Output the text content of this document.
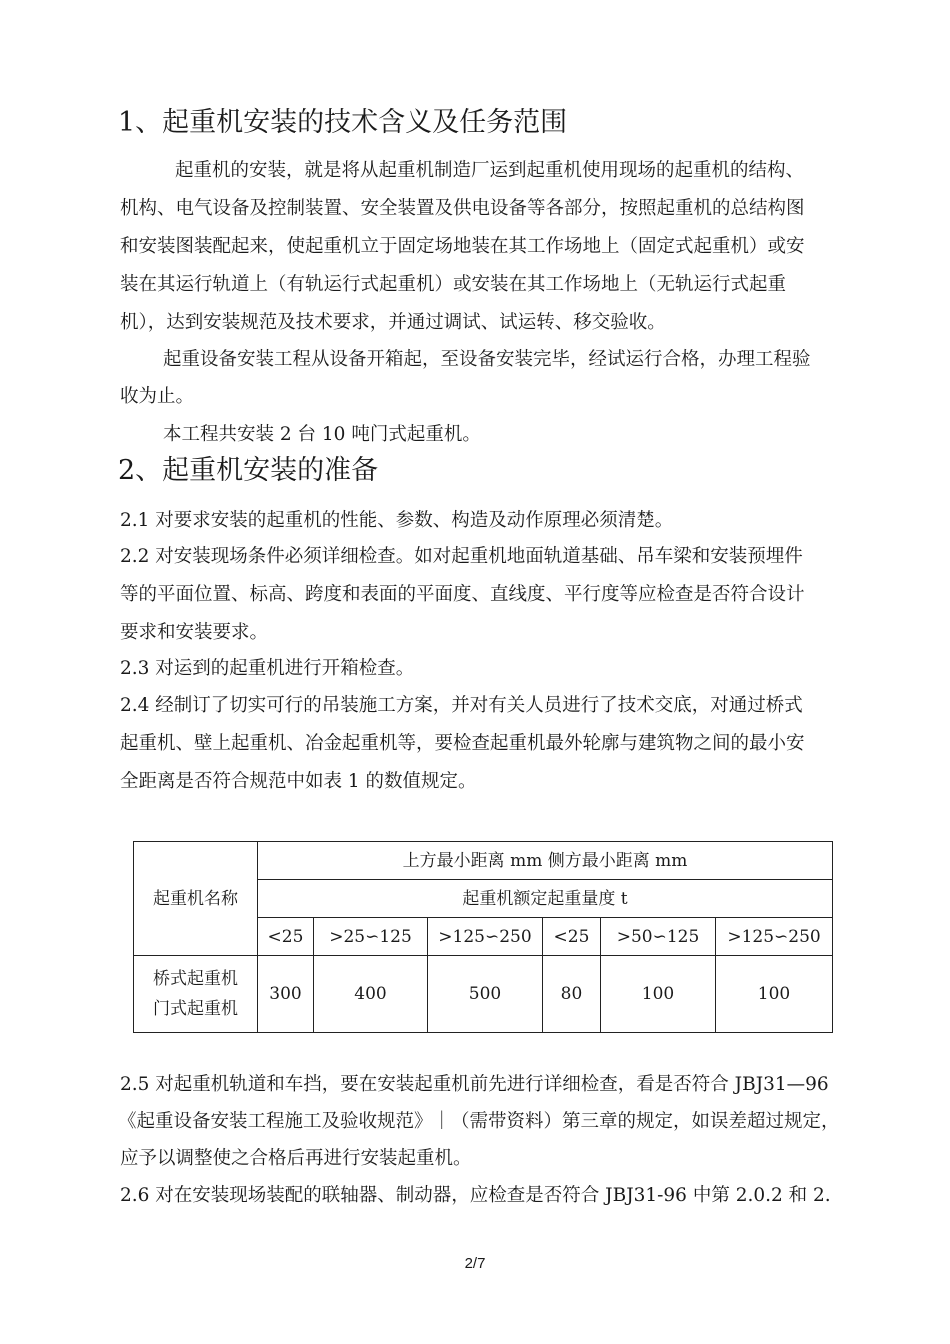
1、起重机安装的技术含义及任务范围
起重机的安装，就是将从起重机制造厂运到起重机使用现场的起重机的结构、
机构、电气设备及控制装置、安全装置及供电设备等各部分，按照起重机的总结构图
和安装图装配起来，使起重机立于固定场地装在其工作场地上（固定式起重机）或安
装在其运行轨道上（有轨运行式起重机）或安装在其工作场地上（无轨运行式起重
机），达到安装规范及技术要求，并通过调试、试运转、移交验收。
起重设备安装工程从设备开箱起，至设备安装完毕，经试运行合格，办理工程验
收为止。
本工程共安装 2 台 10 吨门式起重机。
2、起重机安装的准备
2.1 对要求安装的起重机的性能、参数、构造及动作原理必须清楚。
2.2 对安装现场条件必须详细检查。如对起重机地面轨道基础、吊车梁和安装预埋件
等的平面位置、标高、跨度和表面的平面度、直线度、平行度等应检查是否符合设计
要求和安装要求。
2.3 对运到的起重机进行开箱检查。
2.4 经制订了切实可行的吊装施工方案，并对有关人员进行了技术交底，对通过桥式
起重机、壁上起重机、冶金起重机等，要检查起重机最外轮廓与建筑物之间的最小安
全距离是否符合规范中如表 1 的数值规定。
起重机名称	上方最小距离 mm 侧方最小距离 mm					
	起重机额定起重量度 t					
	<25	>25∽125	>125∽250	<25	>50∽125	>125∽250

桥式起重机
门式起重机	300	400	500	80	100	100
2.5 对起重机轨道和车挡，要在安装起重机前先进行详细检查，看是否符合 JBJ31—96
《起重设备安装工程施工及验收规范》｜（需带资料）第三章的规定，如误差超过规定，
应予以调整使之合格后再进行安装起重机。
2.6 对在安装现场装配的联轴器、制动器，应检查是否符合 JBJ31-96 中第 2.0.2 和 2.
2/7
